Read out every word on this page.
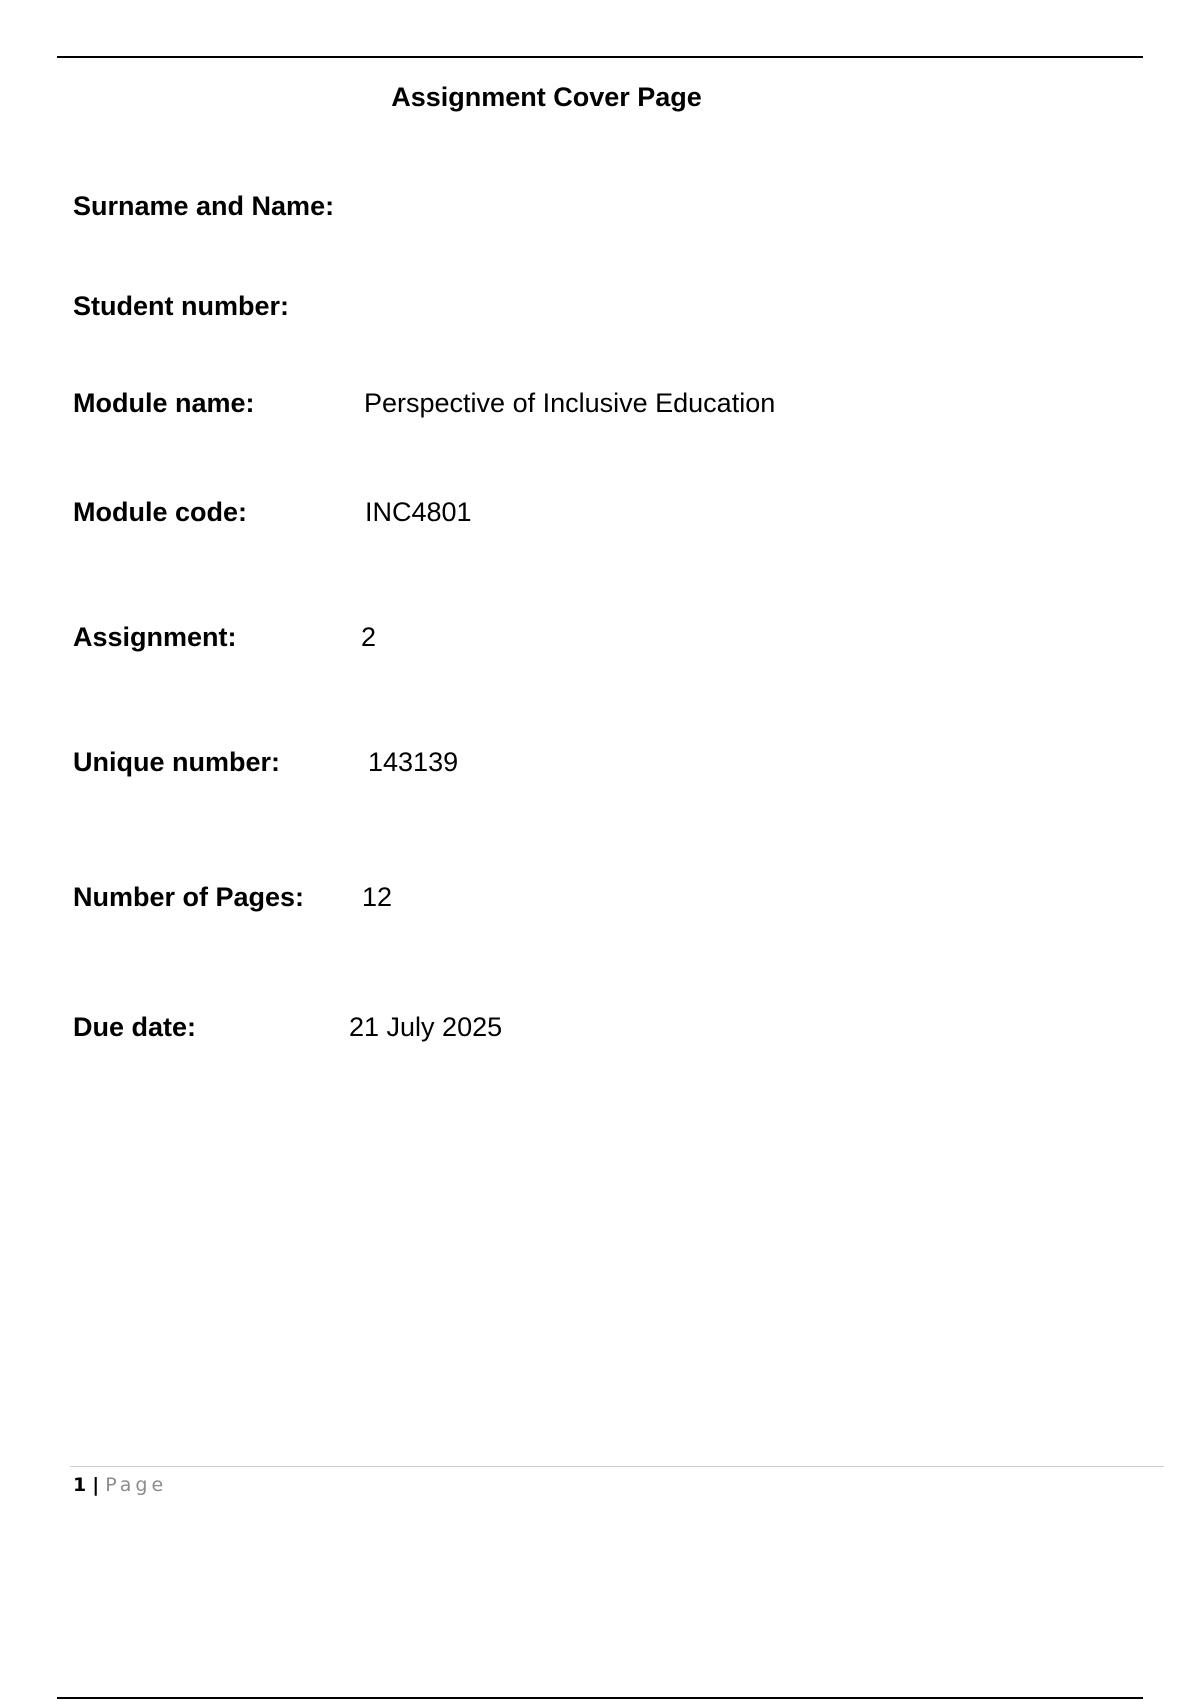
Assignment Cover Page
Surname and Name:
Student number:
Module name:	Perspective of Inclusive Education
Module code:	INC4801
Assignment:	2
Unique number:	143139
Number of Pages: 12
Due date:	21 July 2025
1 | Page
